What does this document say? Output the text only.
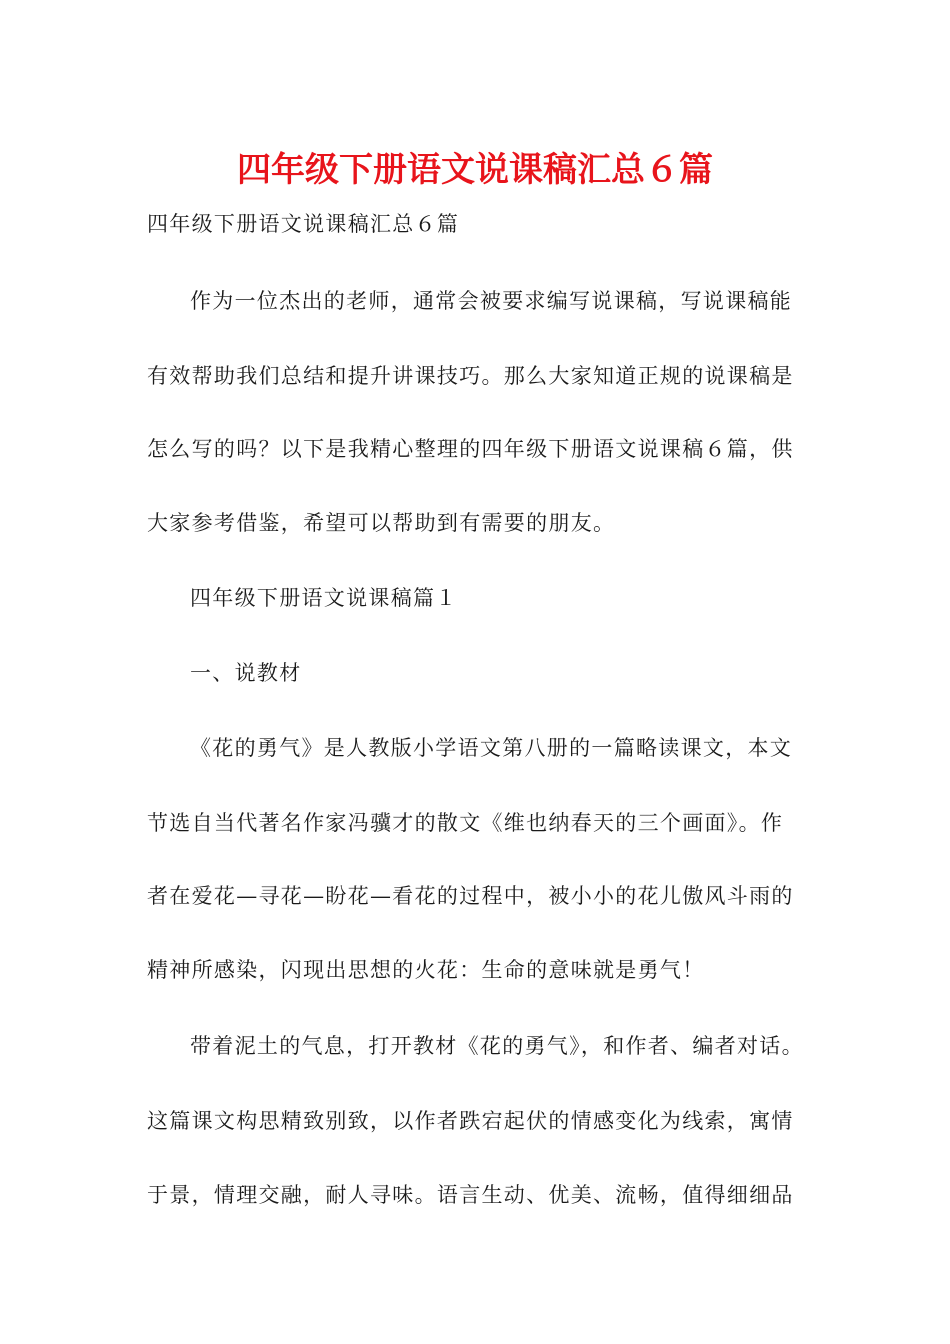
四年级下册语文说课稿汇总６篇
四年级下册语文说课稿汇总６篇
作为一位杰出的老师，通常会被要求编写说课稿，写说课稿能
有效帮助我们总结和提升讲课技巧。那么大家知道正规的说课稿是
怎么写的吗？以下是我精心整理的四年级下册语文说课稿６篇，供
大家参考借鉴，希望可以帮助到有需要的朋友。
四年级下册语文说课稿篇１
一、说教材
《花的勇气》是人教版小学语文第八册的一篇略读课文，本文
节选自当代著名作家冯骥才的散文《维也纳春天的三个画面》。作
者在爱花—寻花—盼花—看花的过程中，被小小的花儿傲风斗雨的
精神所感染，闪现出思想的火花：生命的意味就是勇气！
带着泥土的气息，打开教材《花的勇气》，和作者、编者对话。
这篇课文构思精致别致，以作者跌宕起伏的情感变化为线索，寓情
于景，情理交融，耐人寻味。语言生动、优美、流畅，值得细细品
